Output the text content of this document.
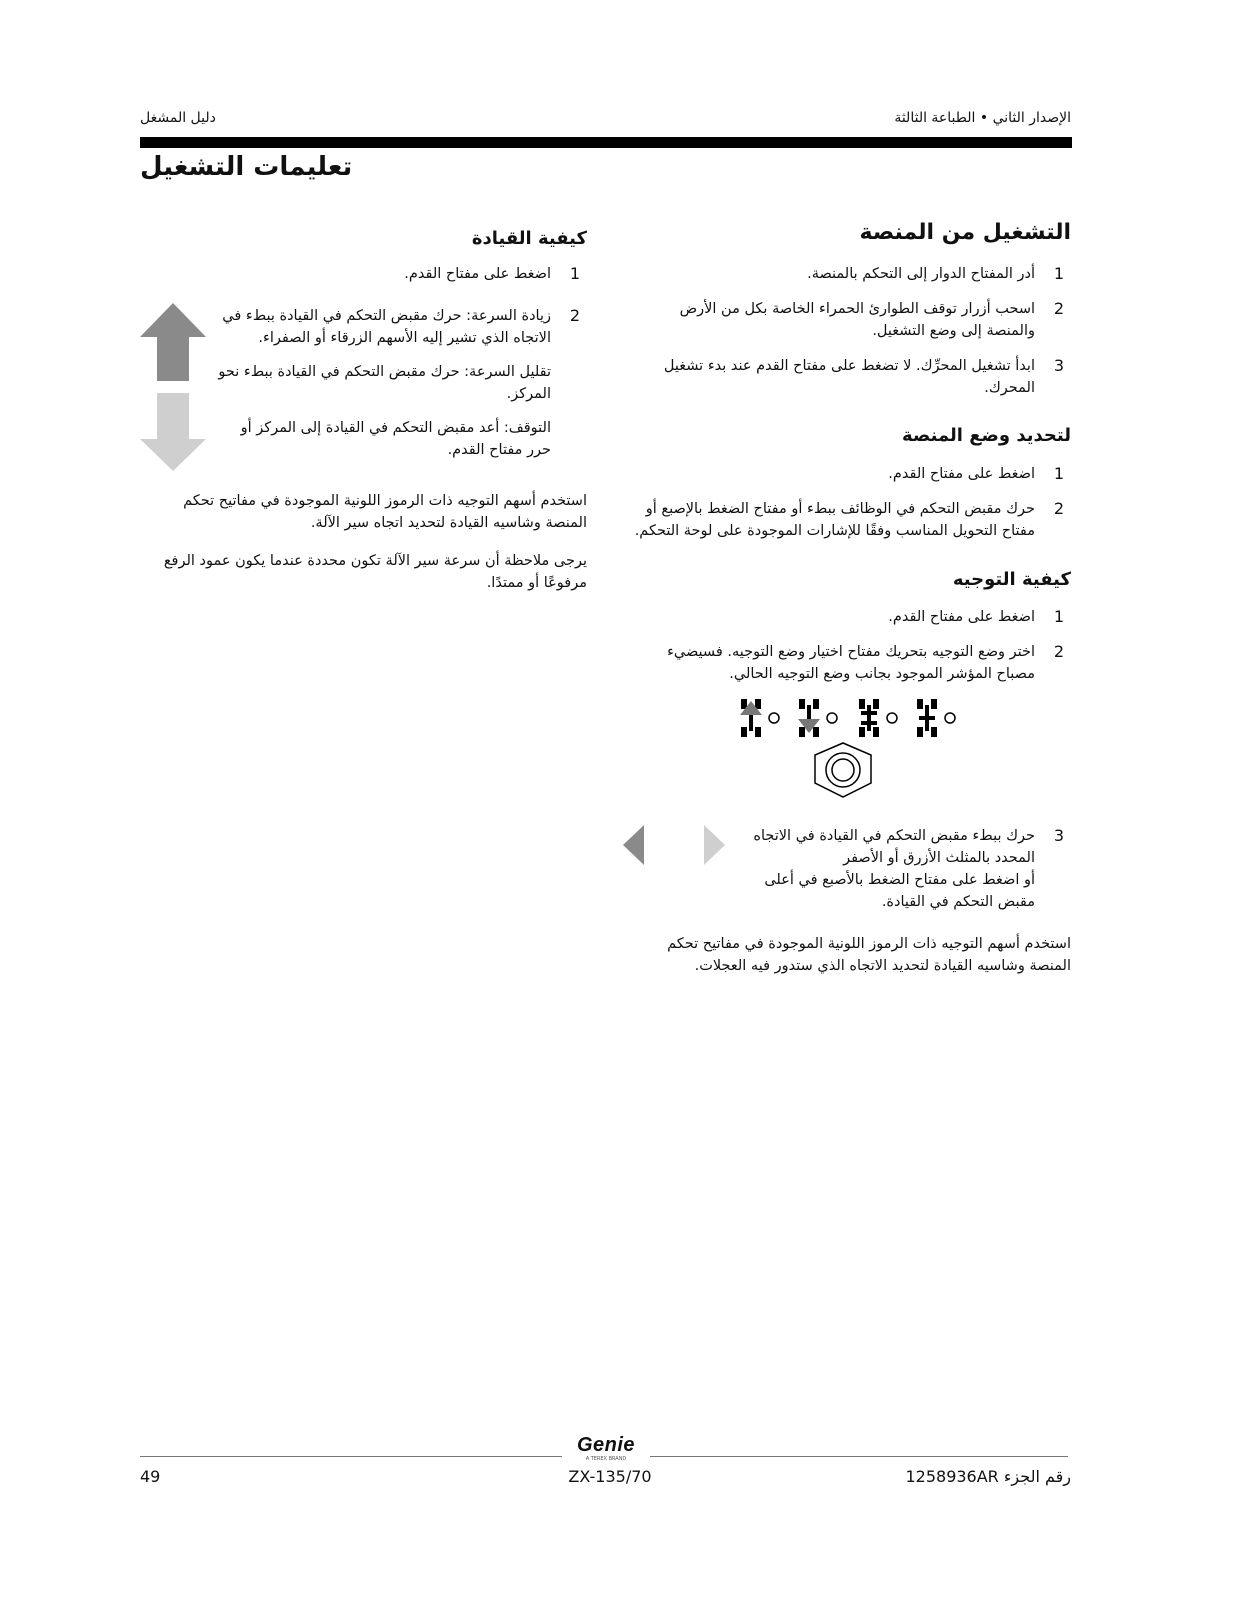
دليل المشغل	الإصدار الثاني • الطباعة الثالثة
تعليمات التشغيل
التشغيل من المنصة
1
أدر المفتاح الدوار إلى التحكم بالمنصة.
2
اسحب أزرار توقف الطوارئ الحمراء الخاصة بكل من الأرض
والمنصة إلى وضع التشغيل.
3
ابدأ تشغيل المحرِّك. لا تضغط على مفتاح القدم عند بدء تشغيل
المحرك.
لتحديد وضع المنصة
1
اضغط على مفتاح القدم.
2
حرك مقبض التحكم في الوظائف ببطء أو مفتاح الضغط بالإصبع أو
مفتاح التحويل المناسب وفقًا للإشارات الموجودة على لوحة التحكم.
كيفية التوجيه
1
اضغط على مفتاح القدم.
2
اختر وضع التوجيه بتحريك مفتاح اختيار وضع التوجيه. فسيضيء
مصباح المؤشر الموجود بجانب وضع التوجيه الحالي.
3
حرك ببطء مقبض التحكم في القيادة في الاتجاه
المحدد بالمثلث الأزرق أو الأصفر
أو اضغط على مفتاح الضغط بالأصبع في أعلى
مقبض التحكم في القيادة.
استخدم أسهم التوجيه ذات الرموز اللونية الموجودة في مفاتيح تحكم
المنصة وشاسيه القيادة لتحديد الاتجاه الذي ستدور فيه العجلات.
كيفية القيادة
1
اضغط على مفتاح القدم.
2
زيادة السرعة: حرك مقبض التحكم في القيادة ببطء في
الاتجاه الذي تشير إليه الأسهم الزرقاء أو الصفراء.
تقليل السرعة: حرك مقبض التحكم في القيادة ببطء نحو
المركز.
التوقف: أعد مقبض التحكم في القيادة إلى المركز أو
حرر مفتاح القدم.
استخدم أسهم التوجيه ذات الرموز اللونية الموجودة في مفاتيح تحكم
المنصة وشاسيه القيادة لتحديد اتجاه سير الآلة.
يرجى ملاحظة أن سرعة سير الآلة تكون محددة عندما يكون عمود الرفع
مرفوعًا أو ممتدًا.
Genie
A TEREX BRAND
49	ZX-135/70	رقم الجزء 1258936AR
